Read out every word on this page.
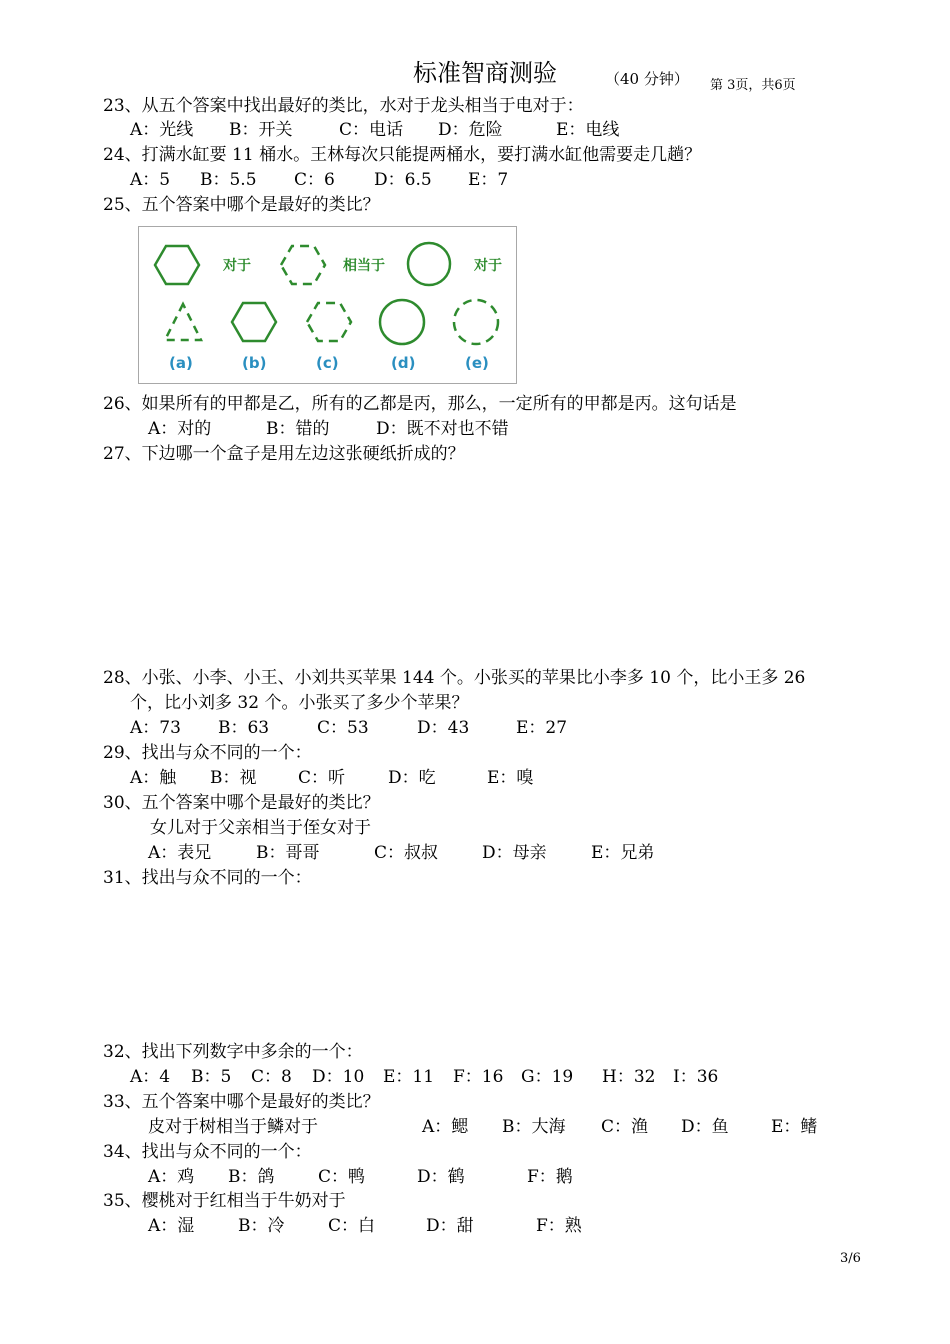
标准智商测验	（40 分钟） 第 3页，共6页
23、从五个答案中找出最好的类比，水对于龙头相当于电对于：
A：光线 B：开关	C：电话 D：危险	E：电线
24、打满水缸要 11 桶水。王林每次只能提两桶水，要打满水缸他需要走几趟？
A：5 B：5.5 C：6 D：6.5 E：7
25、五个答案中哪个是最好的类比？
对于	相当于	对于
(a)	(b)	(c)	(d)	(e)
26、如果所有的甲都是乙，所有的乙都是丙，那么，一定所有的甲都是丙。这句话是
A：对的	B：错的	D：既不对也不错
27、下边哪一个盒子是用左边这张硬纸折成的？
28、小张、小李、小王、小刘共买苹果 144 个。小张买的苹果比小李多 10 个，比小王多 26
个，比小刘多 32 个。小张买了多少个苹果？
A：73 B：63	C：53	D：43	E：27
29、找出与众不同的一个：
A：触 B：视 C：听	D：吃	E：嗅
30、五个答案中哪个是最好的类比？
女儿对于父亲相当于侄女对于
A：表兄	B：哥哥	C：叔叔	D：母亲	E：兄弟
31、找出与众不同的一个：
32、找出下列数字中多余的一个：
A：4 B：5 C：8 D：10 E：11 F：16 G：19 H：32 I：36
33、五个答案中哪个是最好的类比？
皮对于树相当于鳞对于	A：鳃 B：大海 C：渔 D：鱼 E：鳍
34、找出与众不同的一个：
A：鸡 B：鸽	C：鸭	D：鹤	F：鹅
35、樱桃对于红相当于牛奶对于
A：湿	B：冷	C：白	D：甜	F：熟
3/6
